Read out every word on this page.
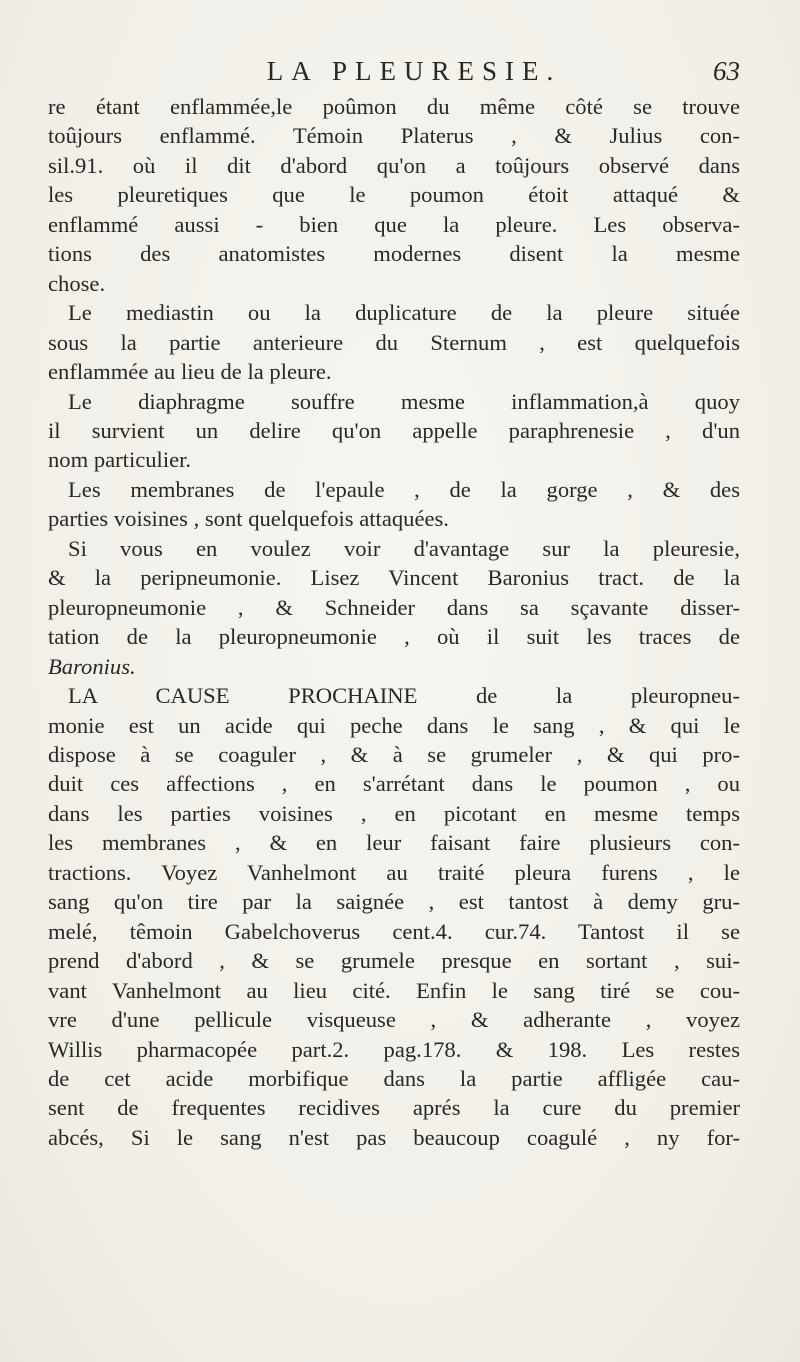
LA PLEURESIE.	63
re étant enflammée,le poûmon du même côté se trouve
toûjours enflammé. Témoin Platerus , & Julius con-
sil.91. où il dit d'abord qu'on a toûjours observé dans
les pleuretiques que le poumon étoit attaqué &
enflammé aussi - bien que la pleure. Les observa-
tions des anatomistes modernes disent la mesme
chose.
Le mediastin ou la duplicature de la pleure située
sous la partie anterieure du Sternum , est quelquefois
enflammée au lieu de la pleure.
Le diaphragme souffre mesme inflammation,à quoy
il survient un delire qu'on appelle paraphrenesie , d'un
nom particulier.
Les membranes de l'epaule , de la gorge , & des
parties voisines , sont quelquefois attaquées.
Si vous en voulez voir d'avantage sur la pleuresie,
& la peripneumonie. Lisez Vincent Baronius tract. de la
pleuropneumonie , & Schneider dans sa sçavante disser-
tation de la pleuropneumonie , où il suit les traces de
Baronius.
LA CAUSE PROCHAINE de la pleuropneu-
monie est un acide qui peche dans le sang , & qui le
dispose à se coaguler , & à se grumeler , & qui pro-
duit ces affections , en s'arrétant dans le poumon , ou
dans les parties voisines , en picotant en mesme temps
les membranes , & en leur faisant faire plusieurs con-
tractions. Voyez Vanhelmont au traité pleura furens , le
sang qu'on tire par la saignée , est tantost à demy gru-
melé, têmoin Gabelchoverus cent.4. cur.74. Tantost il se
prend d'abord , & se grumele presque en sortant , sui-
vant Vanhelmont au lieu cité. Enfin le sang tiré se cou-
vre d'une pellicule visqueuse , & adherante , voyez
Willis pharmacopée part.2. pag.178. & 198. Les restes
de cet acide morbifique dans la partie affligée cau-
sent de frequentes recidives aprés la cure du premier
abcés, Si le sang n'est pas beaucoup coagulé , ny for-
